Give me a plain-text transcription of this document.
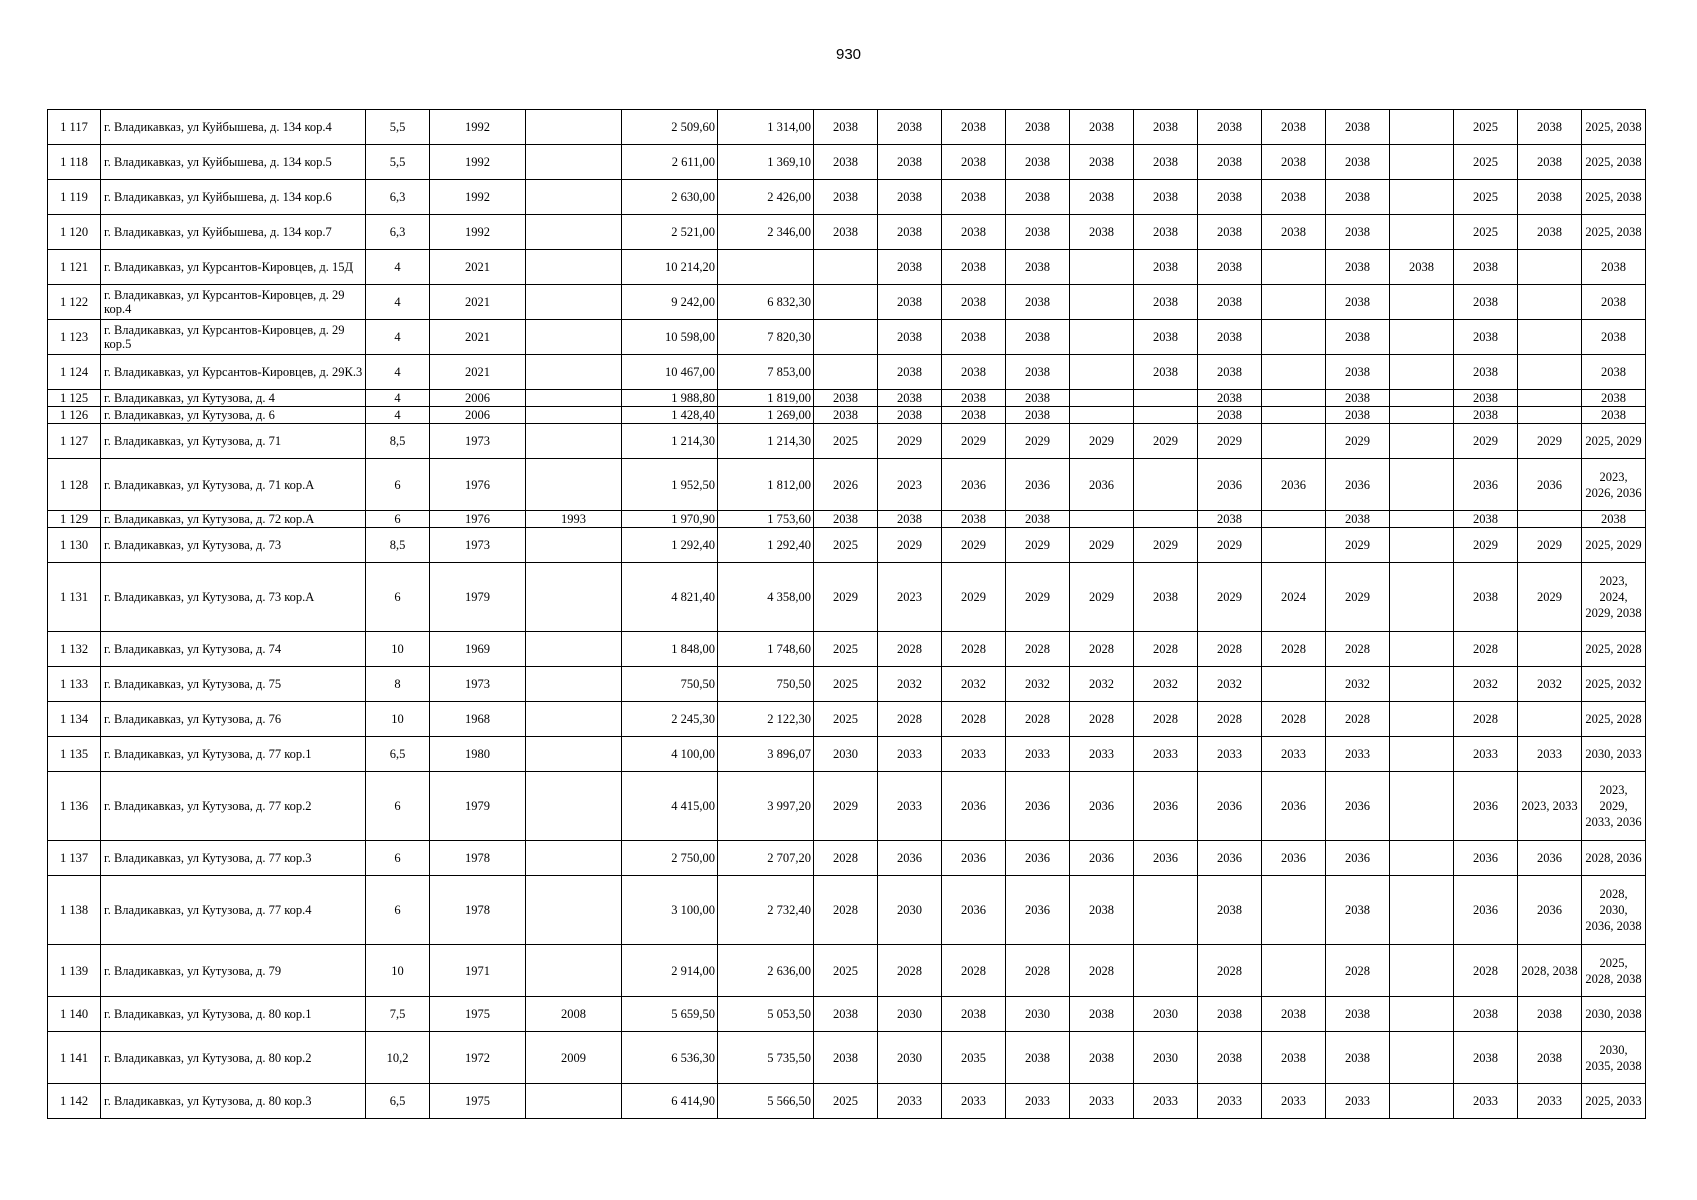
930
1 117	г. Владикавказ, ул Куйбышева, д. 134 кор.4	5,5	1992		2 509,60	1 314,00	2038	2038	2038	2038	2038	2038	2038	2038	2038		2025	2038	2025, 2038
1 118	г. Владикавказ, ул Куйбышева, д. 134 кор.5	5,5	1992		2 611,00	1 369,10	2038	2038	2038	2038	2038	2038	2038	2038	2038		2025	2038	2025, 2038
1 119	г. Владикавказ, ул Куйбышева, д. 134 кор.6	6,3	1992		2 630,00	2 426,00	2038	2038	2038	2038	2038	2038	2038	2038	2038		2025	2038	2025, 2038
1 120	г. Владикавказ, ул Куйбышева, д. 134 кор.7	6,3	1992		2 521,00	2 346,00	2038	2038	2038	2038	2038	2038	2038	2038	2038		2025	2038	2025, 2038
1 121	г. Владикавказ, ул Курсантов-Кировцев, д. 15Д	4	2021		10 214,20			2038	2038	2038		2038	2038		2038	2038	2038		2038
1 122	г. Владикавказ, ул Курсантов-Кировцев, д. 29 кор.4	4	2021		9 242,00	6 832,30		2038	2038	2038		2038	2038		2038		2038		2038
1 123	г. Владикавказ, ул Курсантов-Кировцев, д. 29 кор.5	4	2021		10 598,00	7 820,30		2038	2038	2038		2038	2038		2038		2038		2038
1 124	г. Владикавказ, ул Курсантов-Кировцев, д. 29К.3	4	2021		10 467,00	7 853,00		2038	2038	2038		2038	2038		2038		2038		2038
1 125	г. Владикавказ, ул Кутузова, д. 4	4	2006		1 988,80	1 819,00	2038	2038	2038	2038			2038		2038		2038		2038
1 126	г. Владикавказ, ул Кутузова, д. 6	4	2006		1 428,40	1 269,00	2038	2038	2038	2038			2038		2038		2038		2038
1 127	г. Владикавказ, ул Кутузова, д. 71	8,5	1973		1 214,30	1 214,30	2025	2029	2029	2029	2029	2029	2029		2029		2029	2029	2025, 2029
1 128	г. Владикавказ, ул Кутузова, д. 71 кор.А	6	1976		1 952,50	1 812,00	2026	2023	2036	2036	2036		2036	2036	2036		2036	2036	2023, 2026, 2036
1 129	г. Владикавказ, ул Кутузова, д. 72 кор.А	6	1976	1993	1 970,90	1 753,60	2038	2038	2038	2038			2038		2038		2038		2038
1 130	г. Владикавказ, ул Кутузова, д. 73	8,5	1973		1 292,40	1 292,40	2025	2029	2029	2029	2029	2029	2029		2029		2029	2029	2025, 2029
1 131	г. Владикавказ, ул Кутузова, д. 73 кор.А	6	1979		4 821,40	4 358,00	2029	2023	2029	2029	2029	2038	2029	2024	2029		2038	2029	2023, 2024, 2029, 2038
1 132	г. Владикавказ, ул Кутузова, д. 74	10	1969		1 848,00	1 748,60	2025	2028	2028	2028	2028	2028	2028	2028	2028		2028		2025, 2028
1 133	г. Владикавказ, ул Кутузова, д. 75	8	1973		750,50	750,50	2025	2032	2032	2032	2032	2032	2032		2032		2032	2032	2025, 2032
1 134	г. Владикавказ, ул Кутузова, д. 76	10	1968		2 245,30	2 122,30	2025	2028	2028	2028	2028	2028	2028	2028	2028		2028		2025, 2028
1 135	г. Владикавказ, ул Кутузова, д. 77 кор.1	6,5	1980		4 100,00	3 896,07	2030	2033	2033	2033	2033	2033	2033	2033	2033		2033	2033	2030, 2033
1 136	г. Владикавказ, ул Кутузова, д. 77 кор.2	6	1979		4 415,00	3 997,20	2029	2033	2036	2036	2036	2036	2036	2036	2036		2036	2023, 2033	2023, 2029, 2033, 2036
1 137	г. Владикавказ, ул Кутузова, д. 77 кор.3	6	1978		2 750,00	2 707,20	2028	2036	2036	2036	2036	2036	2036	2036	2036		2036	2036	2028, 2036
1 138	г. Владикавказ, ул Кутузова, д. 77 кор.4	6	1978		3 100,00	2 732,40	2028	2030	2036	2036	2038		2038		2038		2036	2036	2028, 2030, 2036, 2038
1 139	г. Владикавказ, ул Кутузова, д. 79	10	1971		2 914,00	2 636,00	2025	2028	2028	2028	2028		2028		2028		2028	2028, 2038	2025, 2028, 2038
1 140	г. Владикавказ, ул Кутузова, д. 80 кор.1	7,5	1975	2008	5 659,50	5 053,50	2038	2030	2038	2030	2038	2030	2038	2038	2038		2038	2038	2030, 2038
1 141	г. Владикавказ, ул Кутузова, д. 80 кор.2	10,2	1972	2009	6 536,30	5 735,50	2038	2030	2035	2038	2038	2030	2038	2038	2038		2038	2038	2030, 2035, 2038
1 142	г. Владикавказ, ул Кутузова, д. 80 кор.3	6,5	1975		6 414,90	5 566,50	2025	2033	2033	2033	2033	2033	2033	2033	2033		2033	2033	2025, 2033
